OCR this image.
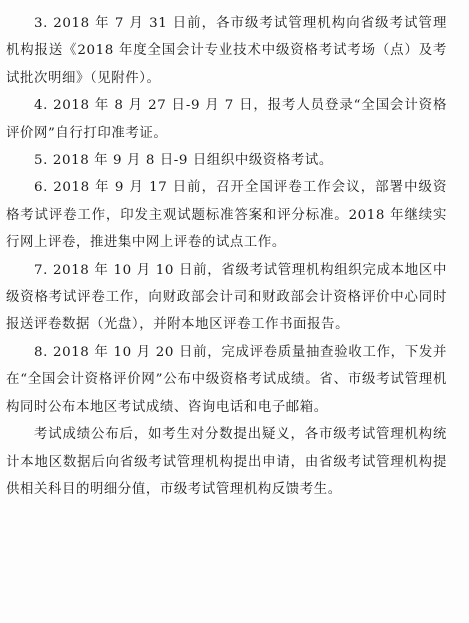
3. 2018 年 7 月 31 日前，各市级考试管理机构向省级考试管理机构报送《2018 年度全国会计专业技术中级资格考试考场（点）及考试批次明细》（见附件）。

4. 2018 年 8 月 27 日-9 月 7 日，报考人员登录“全国会计资格评价网”自行打印准考证。

5. 2018 年 9 月 8 日-9 日组织中级资格考试。

6. 2018 年 9 月 17 日前，召开全国评卷工作会议，部署中级资格考试评卷工作，印发主观试题标准答案和评分标准。2018 年继续实行网上评卷，推进集中网上评卷的试点工作。

7. 2018 年 10 月 10 日前，省级考试管理机构组织完成本地区中级资格考试评卷工作，向财政部会计司和财政部会计资格评价中心同时报送评卷数据（光盘），并附本地区评卷工作书面报告。

8. 2018 年 10 月 20 日前，完成评卷质量抽查验收工作，下发并在“全国会计资格评价网”公布中级资格考试成绩。省、市级考试管理机构同时公布本地区考试成绩、咨询电话和电子邮箱。

考试成绩公布后，如考生对分数提出疑义，各市级考试管理机构统计本地区数据后向省级考试管理机构提出申请，由省级考试管理机构提供相关科目的明细分值，市级考试管理机构反馈考生。
